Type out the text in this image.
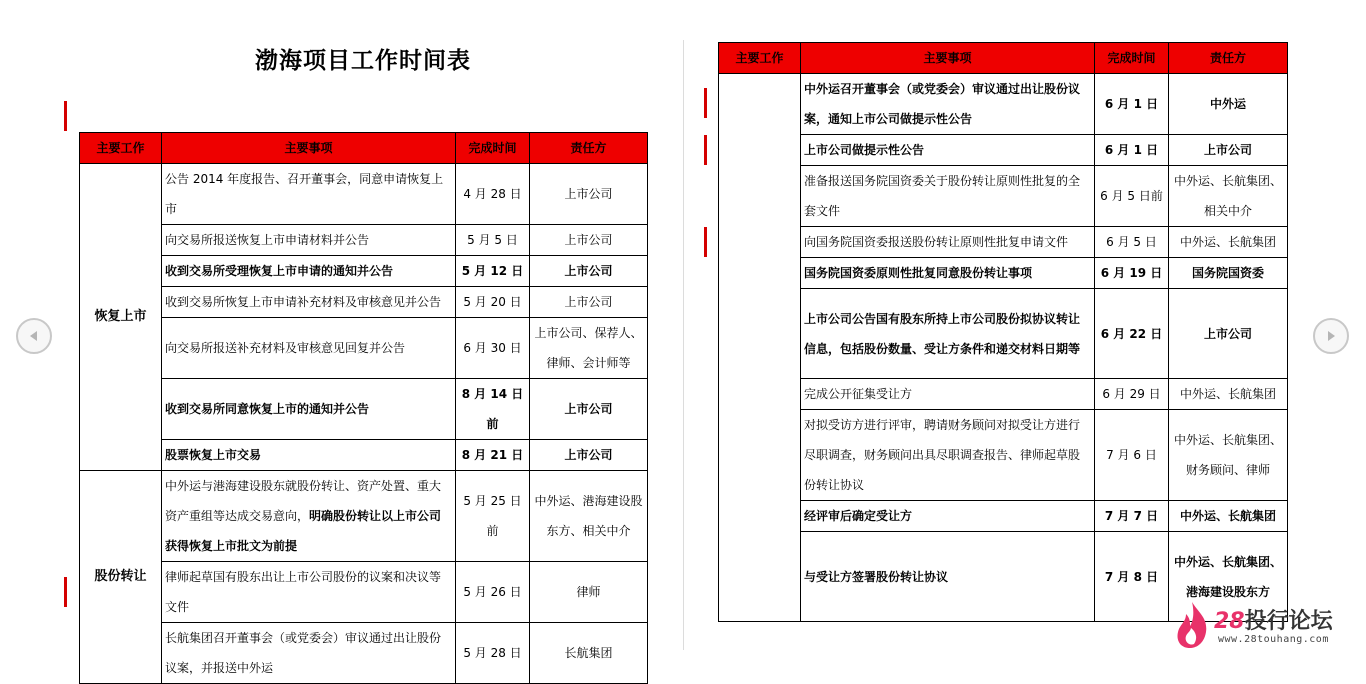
渤海项目工作时间表
主要工作	主要事项	完成时间	责任方
恢复上市	公告 2014 年度报告、召开董事会，同意申请恢复上市	4 月 28 日	上市公司
	向交易所报送恢复上市申请材料并公告	5 月 5 日	上市公司
	收到交易所受理恢复上市申请的通知并公告	5 月 12 日	上市公司
	收到交易所恢复上市申请补充材料及审核意见并公告	5 月 20 日	上市公司
	向交易所报送补充材料及审核意见回复并公告	6 月 30 日	上市公司、保荐人、律师、会计师等
	收到交易所同意恢复上市的通知并公告	8 月 14 日前	上市公司
	股票恢复上市交易	8 月 21 日	上市公司
股份转让	中外运与港海建设股东就股份转让、资产处置、重大资产重组等达成交易意向，明确股份转让以上市公司获得恢复上市批文为前提	5 月 25 日前	中外运、港海建设股东方、相关中介
	律师起草国有股东出让上市公司股份的议案和决议等文件	5 月 26 日	律师
	长航集团召开董事会（或党委会）审议通过出让股份议案，并报送中外运	5 月 28 日	长航集团
主要工作	主要事项	完成时间	责任方
	中外运召开董事会（或党委会）审议通过出让股份议案，通知上市公司做提示性公告	6 月 1 日	中外运
	上市公司做提示性公告	6 月 1 日	上市公司
	准备报送国务院国资委关于股份转让原则性批复的全套文件	6 月 5 日前	中外运、长航集团、相关中介
	向国务院国资委报送股份转让原则性批复申请文件	6 月 5 日	中外运、长航集团
	国务院国资委原则性批复同意股份转让事项	6 月 19 日	国务院国资委
	上市公司公告国有股东所持上市公司股份拟协议转让信息，包括股份数量、受让方条件和递交材料日期等	6 月 22 日	上市公司
	完成公开征集受让方	6 月 29 日	中外运、长航集团
	对拟受访方进行评审，聘请财务顾问对拟受让方进行尽职调查，财务顾问出具尽职调查报告、律师起草股份转让协议	7 月 6 日	中外运、长航集团、财务顾问、律师
	经评审后确定受让方	7 月 7 日	中外运、长航集团
	与受让方签署股份转让协议	7 月 8 日	中外运、长航集团、港海建设股东方
28投行论坛
www.28touhang.com
